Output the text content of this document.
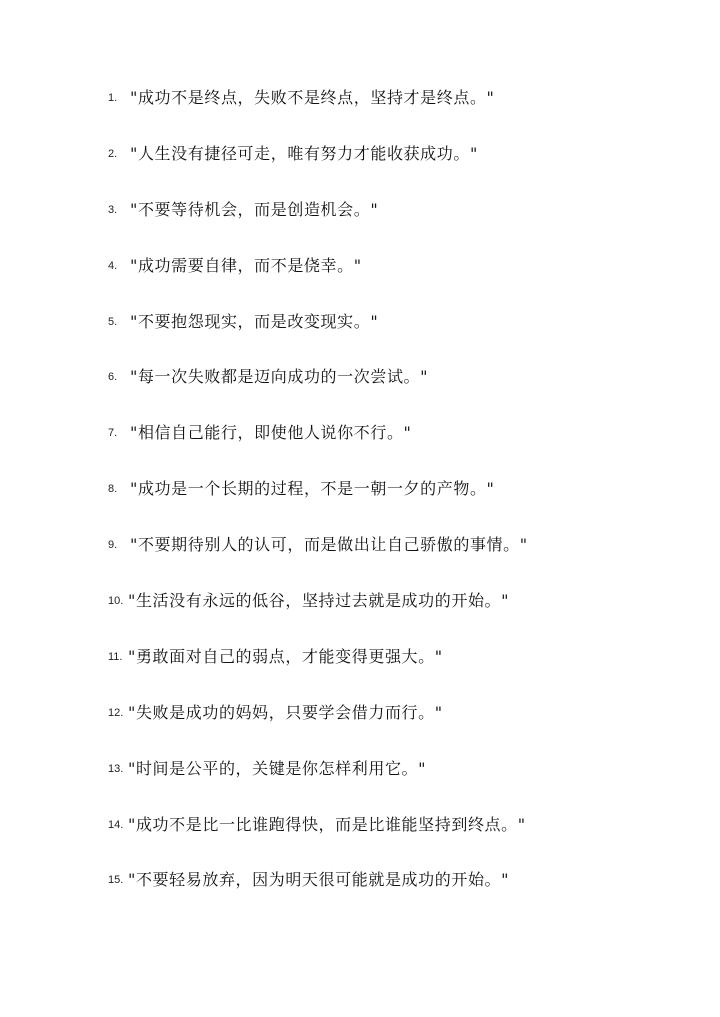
1. "成功不是终点，失败不是终点，坚持才是终点。"
2. "人生没有捷径可走，唯有努力才能收获成功。"
3. "不要等待机会，而是创造机会。"
4. "成功需要自律，而不是侥幸。"
5. "不要抱怨现实，而是改变现实。"
6. "每一次失败都是迈向成功的一次尝试。"
7. "相信自己能行，即使他人说你不行。"
8. "成功是一个长期的过程，不是一朝一夕的产物。"
9. "不要期待别人的认可，而是做出让自己骄傲的事情。"
10. "生活没有永远的低谷，坚持过去就是成功的开始。"
11. "勇敢面对自己的弱点，才能变得更强大。"
12. "失败是成功的妈妈，只要学会借力而行。"
13. "时间是公平的，关键是你怎样利用它。"
14. "成功不是比一比谁跑得快，而是比谁能坚持到终点。"
15. "不要轻易放弃，因为明天很可能就是成功的开始。"
